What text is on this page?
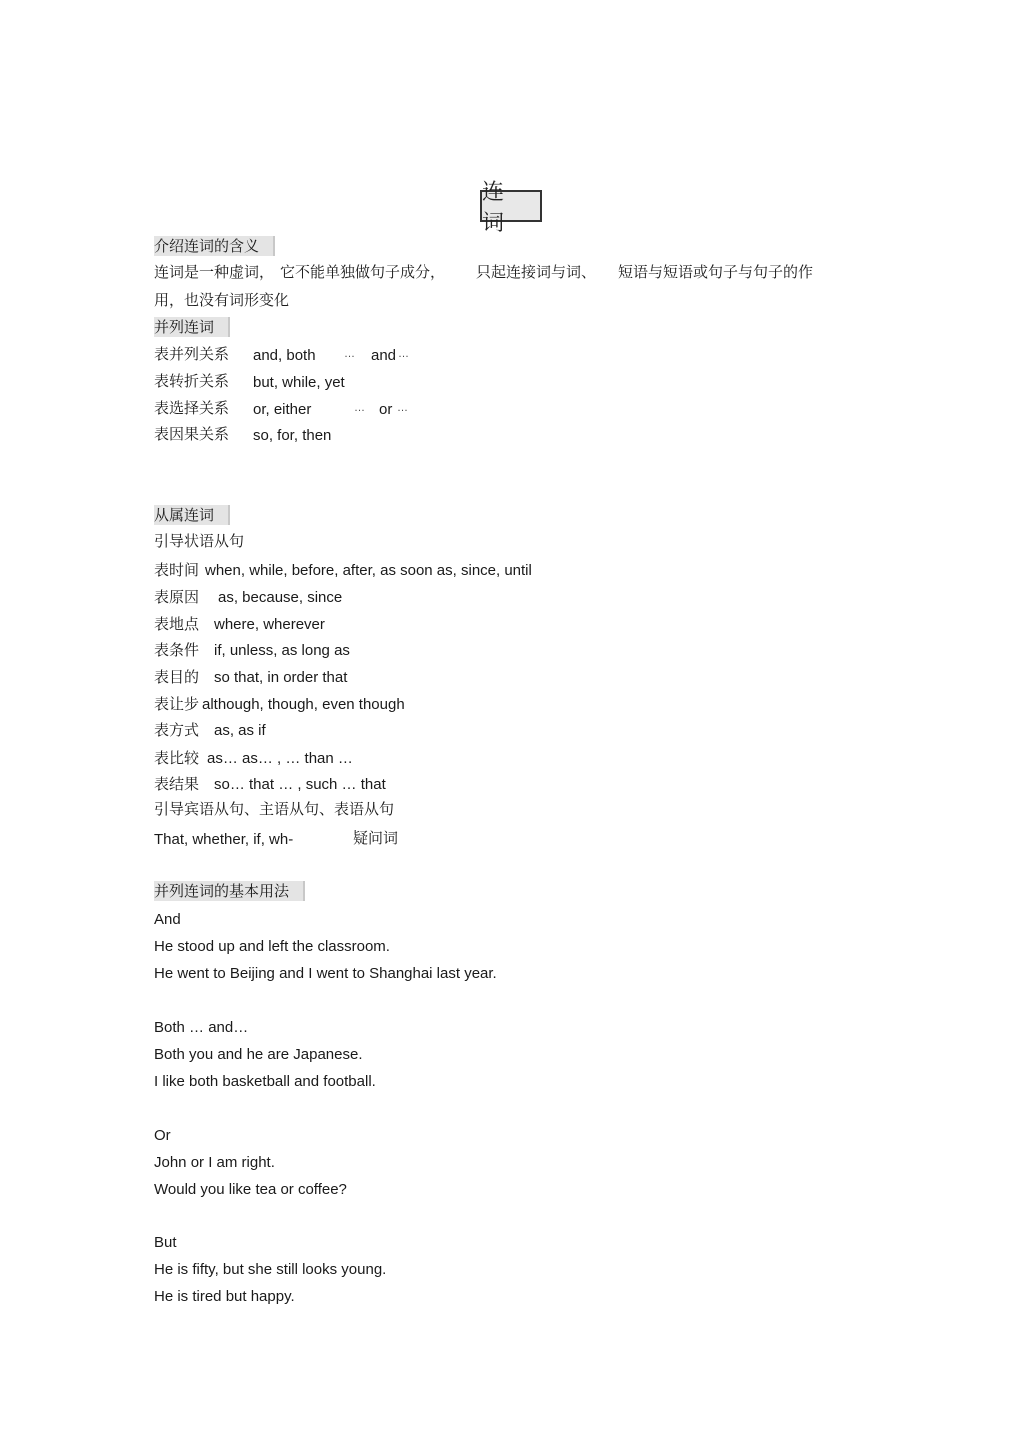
连 词
介绍连词的含义
连词是一种虚词， 它不能单独做句子成分， 只起连接词与词、 短语与短语或句子与句子的作
用，也没有词形变化
并列连词
表并列关系 and, both	… and …
表转折关系 but, while, yet
表选择关系 or, either	… or …
表因果关系 so, for, then
从属连词
引导状语从句
表时间 when, while, before, after, as soon as, since, until
表原因 as, because, since
表地点 where, wherever
表条件 if, unless, as long as
表目的 so that, in order that
表让步 although, though, even though
表方式 as, as if
表比较 as… as… , … than …
表结果 so… that … , such … that
引导宾语从句、主语从句、表语从句
That, whether, if, wh-	疑问词
并列连词的基本用法
And
He stood up and left the classroom.
He went to Beijing and I went to Shanghai last year.
Both … and…
Both you and he are Japanese.
I like both basketball and football.
Or
John or I am right.
Would you like tea or coffee?
But
He is fifty, but she still looks young.
He is tired but happy.
